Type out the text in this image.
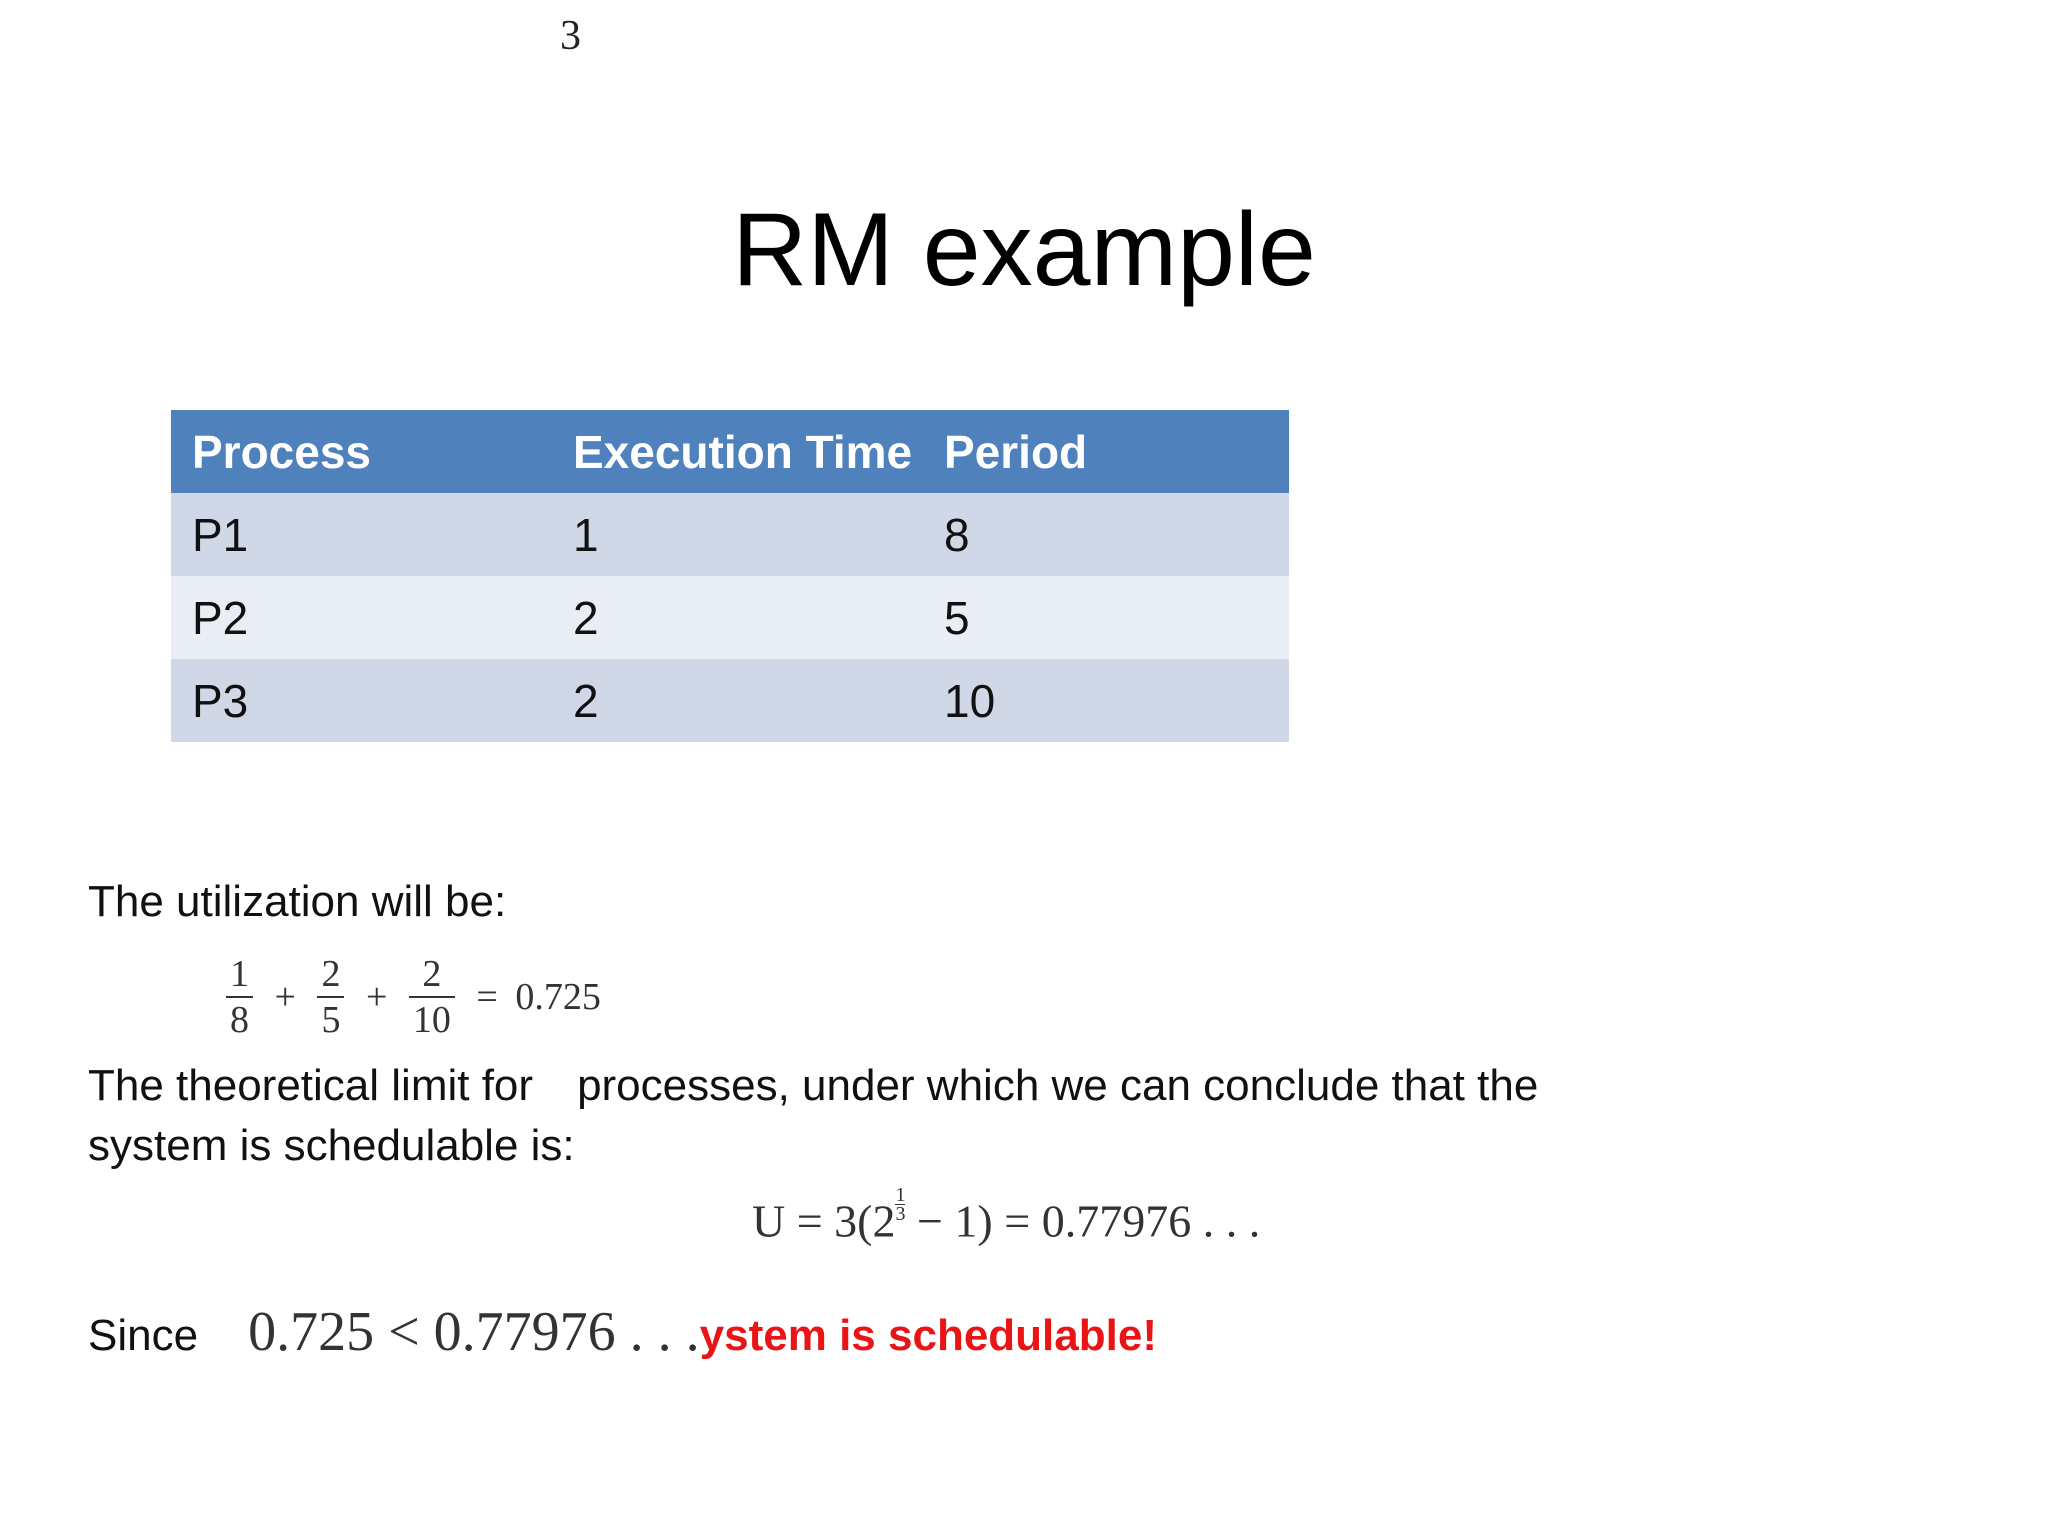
3
RM example
Process	Execution Time	Period
P1	1	8
P2	2	5
P3	2	10
The utilization will be:
$\frac{1}{8} + \frac{2}{5} + \frac{2}{10} = 0.725$
The theoretical limit for processes, under which we can conclude that the
system is schedulable is:
$U = 3(2 \frac{1}{3} - 1) = 0.77976$ . . .
Since 0.725 < 0.77976 . . .ystem is schedulable!
